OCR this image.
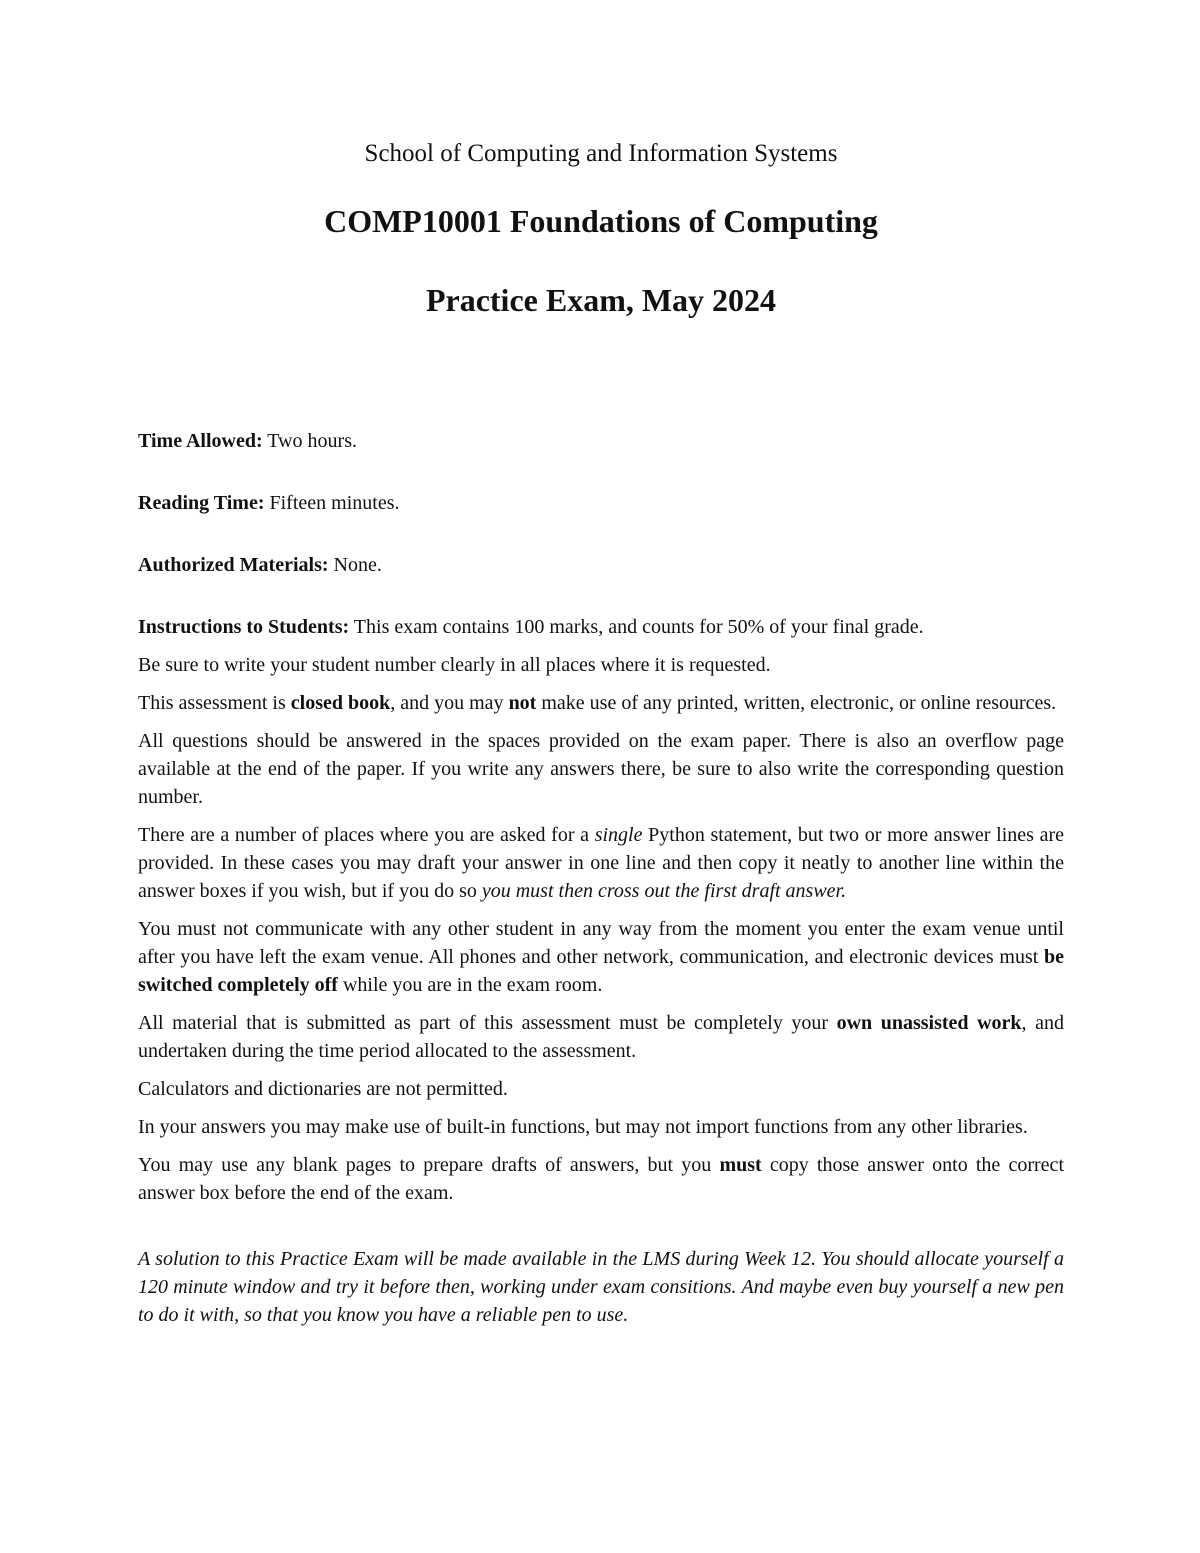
School of Computing and Information Systems
COMP10001 Foundations of Computing
Practice Exam, May 2024

Time Allowed: Two hours.

Reading Time: Fifteen minutes.

Authorized Materials: None.

Instructions to Students: This exam contains 100 marks, and counts for 50% of your final grade.

Be sure to write your student number clearly in all places where it is requested.

This assessment is closed book, and you may not make use of any printed, written, electronic, or online resources.

All questions should be answered in the spaces provided on the exam paper. There is also an overflow page available at the end of the paper. If you write any answers there, be sure to also write the corresponding question number.

There are a number of places where you are asked for a single Python statement, but two or more answer lines are provided. In these cases you may draft your answer in one line and then copy it neatly to another line within the answer boxes if you wish, but if you do so you must then cross out the first draft answer.

You must not communicate with any other student in any way from the moment you enter the exam venue until after you have left the exam venue. All phones and other network, communication, and electronic devices must be switched completely off while you are in the exam room.

All material that is submitted as part of this assessment must be completely your own unassisted work, and undertaken during the time period allocated to the assessment.

Calculators and dictionaries are not permitted.

In your answers you may make use of built-in functions, but may not import functions from any other libraries.

You may use any blank pages to prepare drafts of answers, but you must copy those answer onto the correct answer box before the end of the exam.

A solution to this Practice Exam will be made available in the LMS during Week 12. You should allocate yourself a 120 minute window and try it before then, working under exam consitions. And maybe even buy yourself a new pen to do it with, so that you know you have a reliable pen to use.
